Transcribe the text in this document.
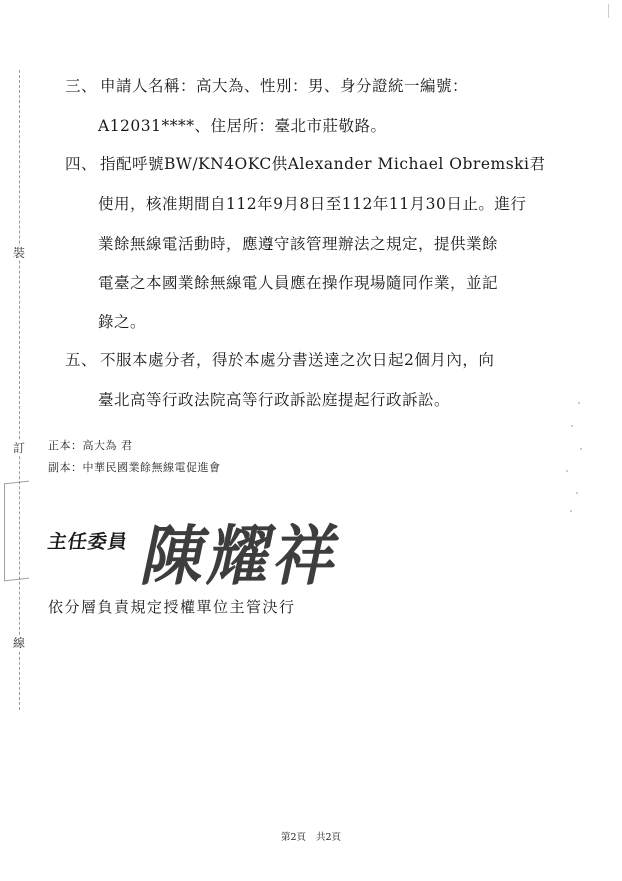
裝
訂
線
三、 申請人名稱：高大為、性別：男、身分證統一編號：
A12031****、住居所：臺北市莊敬路。
四、 指配呼號BW/KN4OKC供Alexander Michael Obremski君
使用，核准期間自112年9月8日至112年11月30日止。進行
業餘無線電活動時，應遵守該管理辦法之規定，提供業餘
電臺之本國業餘無線電人員應在操作現場隨同作業，並記
錄之。
五、 不服本處分者，得於本處分書送達之次日起2個月內，向
臺北高等行政法院高等行政訴訟庭提起行政訴訟。
正本：高大為 君
副本：中華民國業餘無線電促進會
主任委員 陳耀祥
依分層負責規定授權單位主管決行
第2頁 共2頁
